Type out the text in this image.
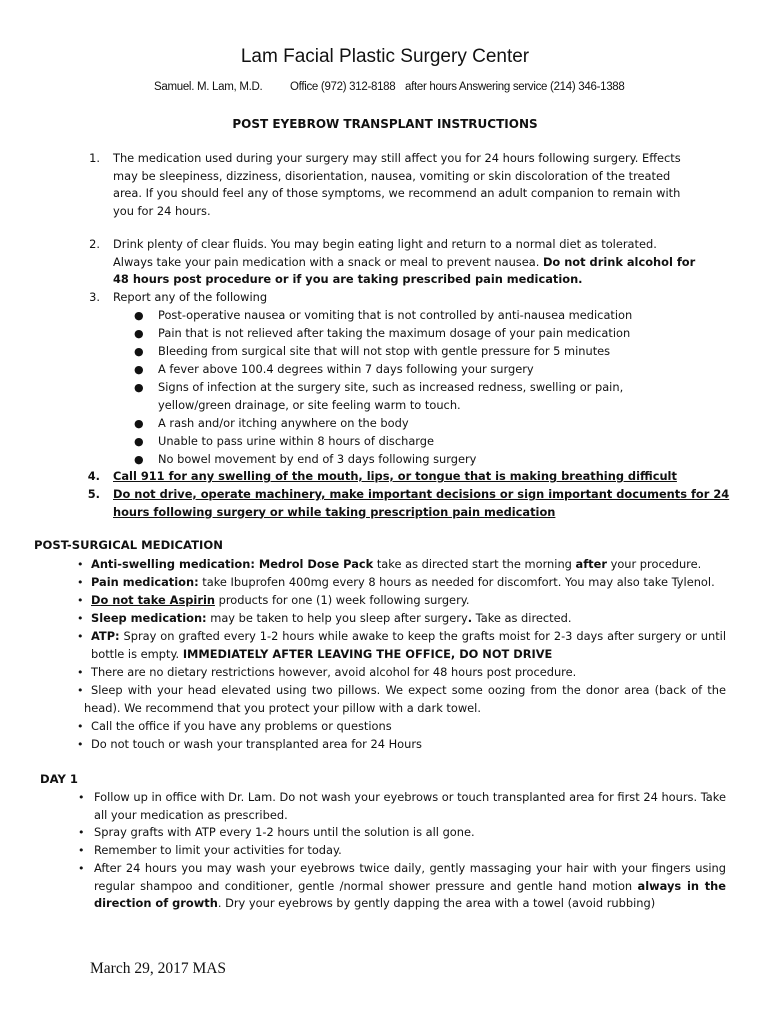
Lam Facial Plastic Surgery Center
Samuel. M. Lam, M.D. Office (972) 312-8188 after hours Answering service (214) 346-1388
POST EYEBROW TRANSPLANT INSTRUCTIONS
1. The medication used during your surgery may still affect you for 24 hours following surgery. Effects
may be sleepiness, dizziness, disorientation, nausea, vomiting or skin discoloration of the treated
area. If you should feel any of those symptoms, we recommend an adult companion to remain with
you for 24 hours.
2. Drink plenty of clear fluids. You may begin eating light and return to a normal diet as tolerated.
Always take your pain medication with a snack or meal to prevent nausea. Do not drink alcohol for
48 hours post procedure or if you are taking prescribed pain medication.
3. Report any of the following
● Post-operative nausea or vomiting that is not controlled by anti-nausea medication
● Pain that is not relieved after taking the maximum dosage of your pain medication
● Bleeding from surgical site that will not stop with gentle pressure for 5 minutes
● A fever above 100.4 degrees within 7 days following your surgery
● Signs of infection at the surgery site, such as increased redness, swelling or pain,
yellow/green drainage, or site feeling warm to touch.
● A rash and/or itching anywhere on the body
● Unable to pass urine within 8 hours of discharge
● No bowel movement by end of 3 days following surgery
4. Call 911 for any swelling of the mouth, lips, or tongue that is making breathing difficult
5. Do not drive, operate machinery, make important decisions or sign important documents for 24
hours following surgery or while taking prescription pain medication
POST-SURGICAL MEDICATION
• Anti-swelling medication: Medrol Dose Pack take as directed start the morning after your procedure.
• Pain medication: take Ibuprofen 400mg every 8 hours as needed for discomfort. You may also take Tylenol.
• Do not take Aspirin products for one (1) week following surgery.
• Sleep medication: may be taken to help you sleep after surgery. Take as directed.
• ATP: Spray on grafted every 1-2 hours while awake to keep the grafts moist for 2-3 days after surgery or until
bottle is empty. IMMEDIATELY AFTER LEAVING THE OFFICE, DO NOT DRIVE
• There are no dietary restrictions however, avoid alcohol for 48 hours post procedure.
• Sleep with your head elevated using two pillows. We expect some oozing from the donor area (back of the
head). We recommend that you protect your pillow with a dark towel.
• Call the office if you have any problems or questions
• Do not touch or wash your transplanted area for 24 Hours
DAY 1
• Follow up in office with Dr. Lam. Do not wash your eyebrows or touch transplanted area for first 24 hours. Take
all your medication as prescribed.
• Spray grafts with ATP every 1-2 hours until the solution is all gone.
• Remember to limit your activities for today.
• After 24 hours you may wash your eyebrows twice daily, gently massaging your hair with your fingers using
regular shampoo and conditioner, gentle /normal shower pressure and gentle hand motion always in the
direction of growth. Dry your eyebrows by gently dapping the area with a towel (avoid rubbing)
March 29, 2017 MAS
